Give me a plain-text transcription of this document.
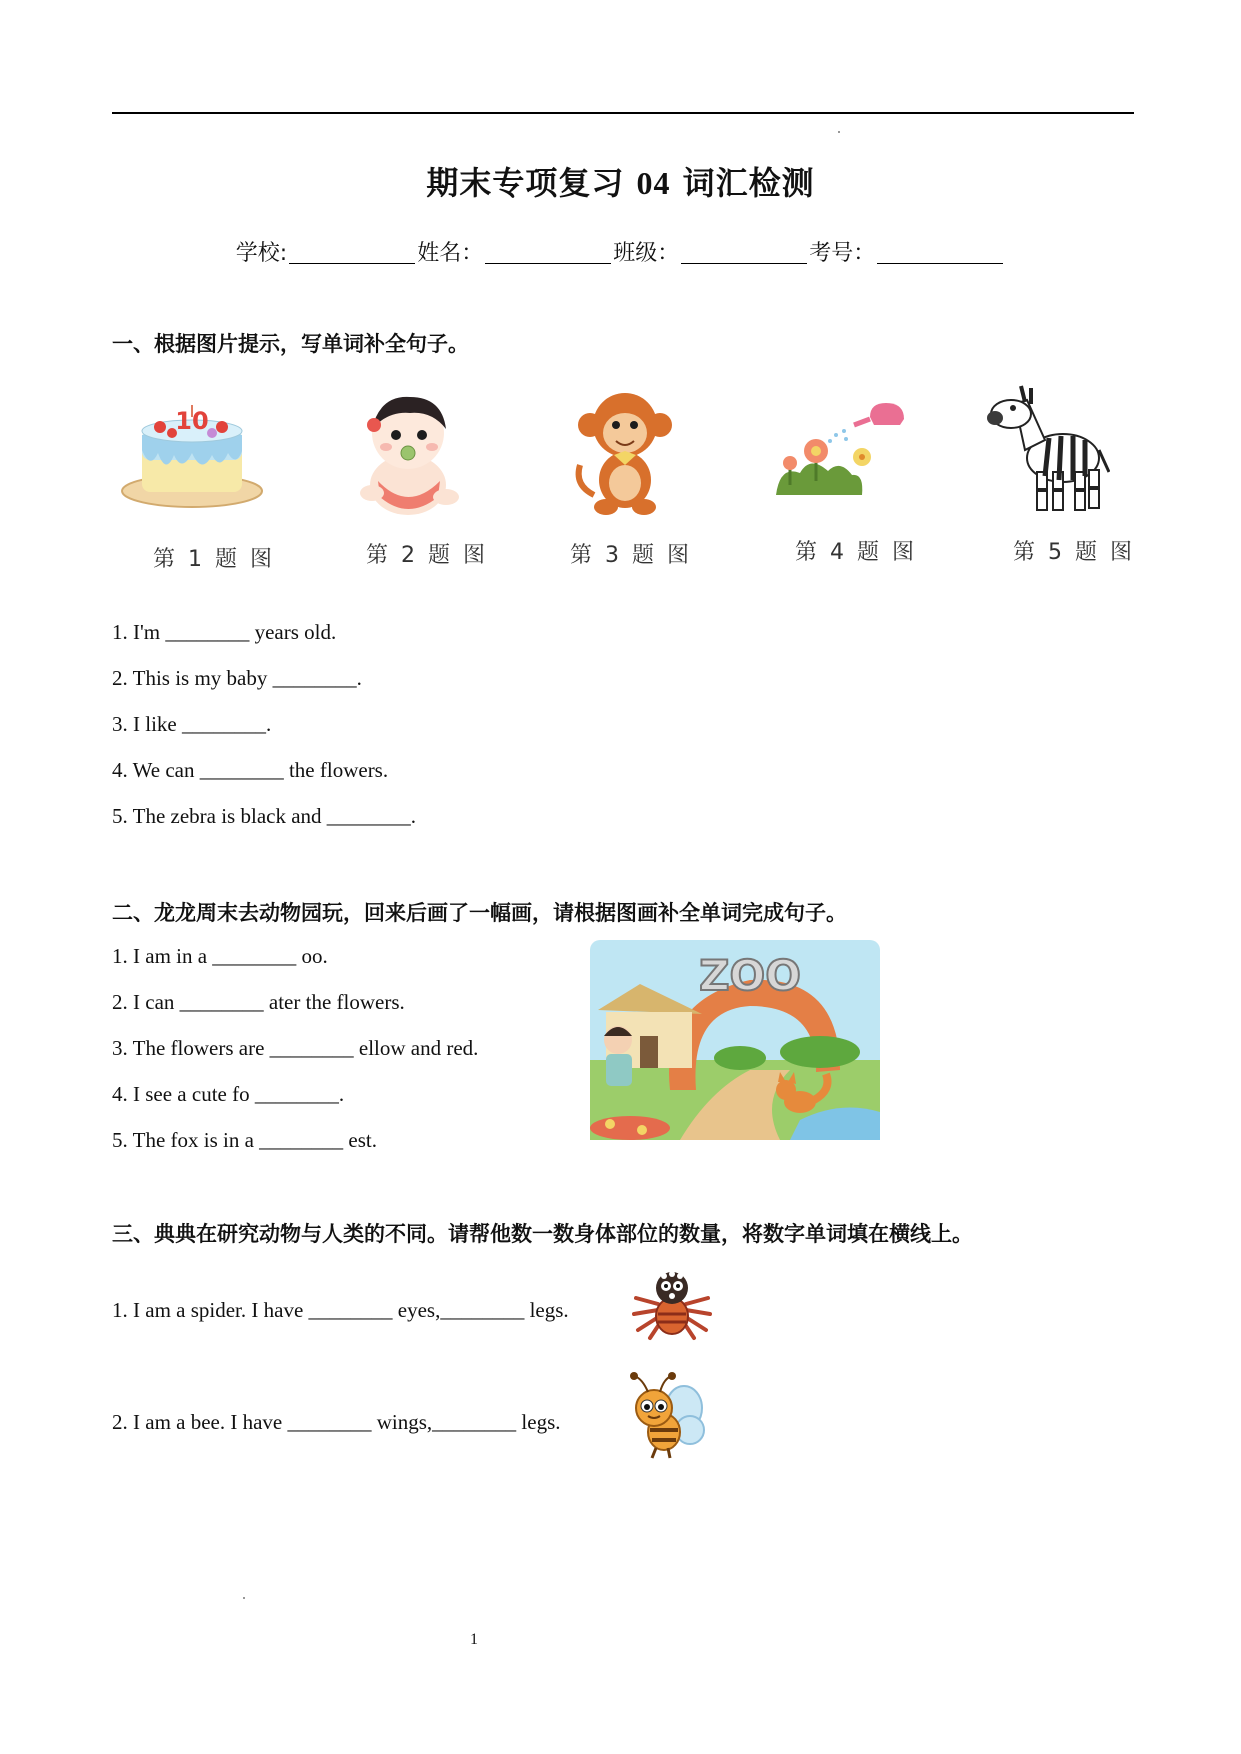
期末专项复习 04 词汇检测
学校:	姓名：	班级：	考号：
一、根据图片提示，写单词补全句子。
10
第 1 题 图	第 2 题 图	第 3 题 图	第 4 题 图	第 5 题 图
1. I'm ________ years old.
2. This is my baby ________.
3. I like ________.
4. We can ________ the flowers.
5. The zebra is black and ________.
二、龙龙周末去动物园玩，回来后画了一幅画，请根据图画补全单词完成句子。
1. I am in a ________ oo.
2. I can ________ ater the flowers.
3. The flowers are ________ ellow and red.
4. I see a cute fo ________.
5. The fox is in a ________ est.
ZOO
三、典典在研究动物与人类的不同。请帮他数一数身体部位的数量，将数字单词填在横线上。
1. I am a spider. I have ________ eyes,________ legs.
2. I am a bee. I have ________ wings,________ legs.
1
